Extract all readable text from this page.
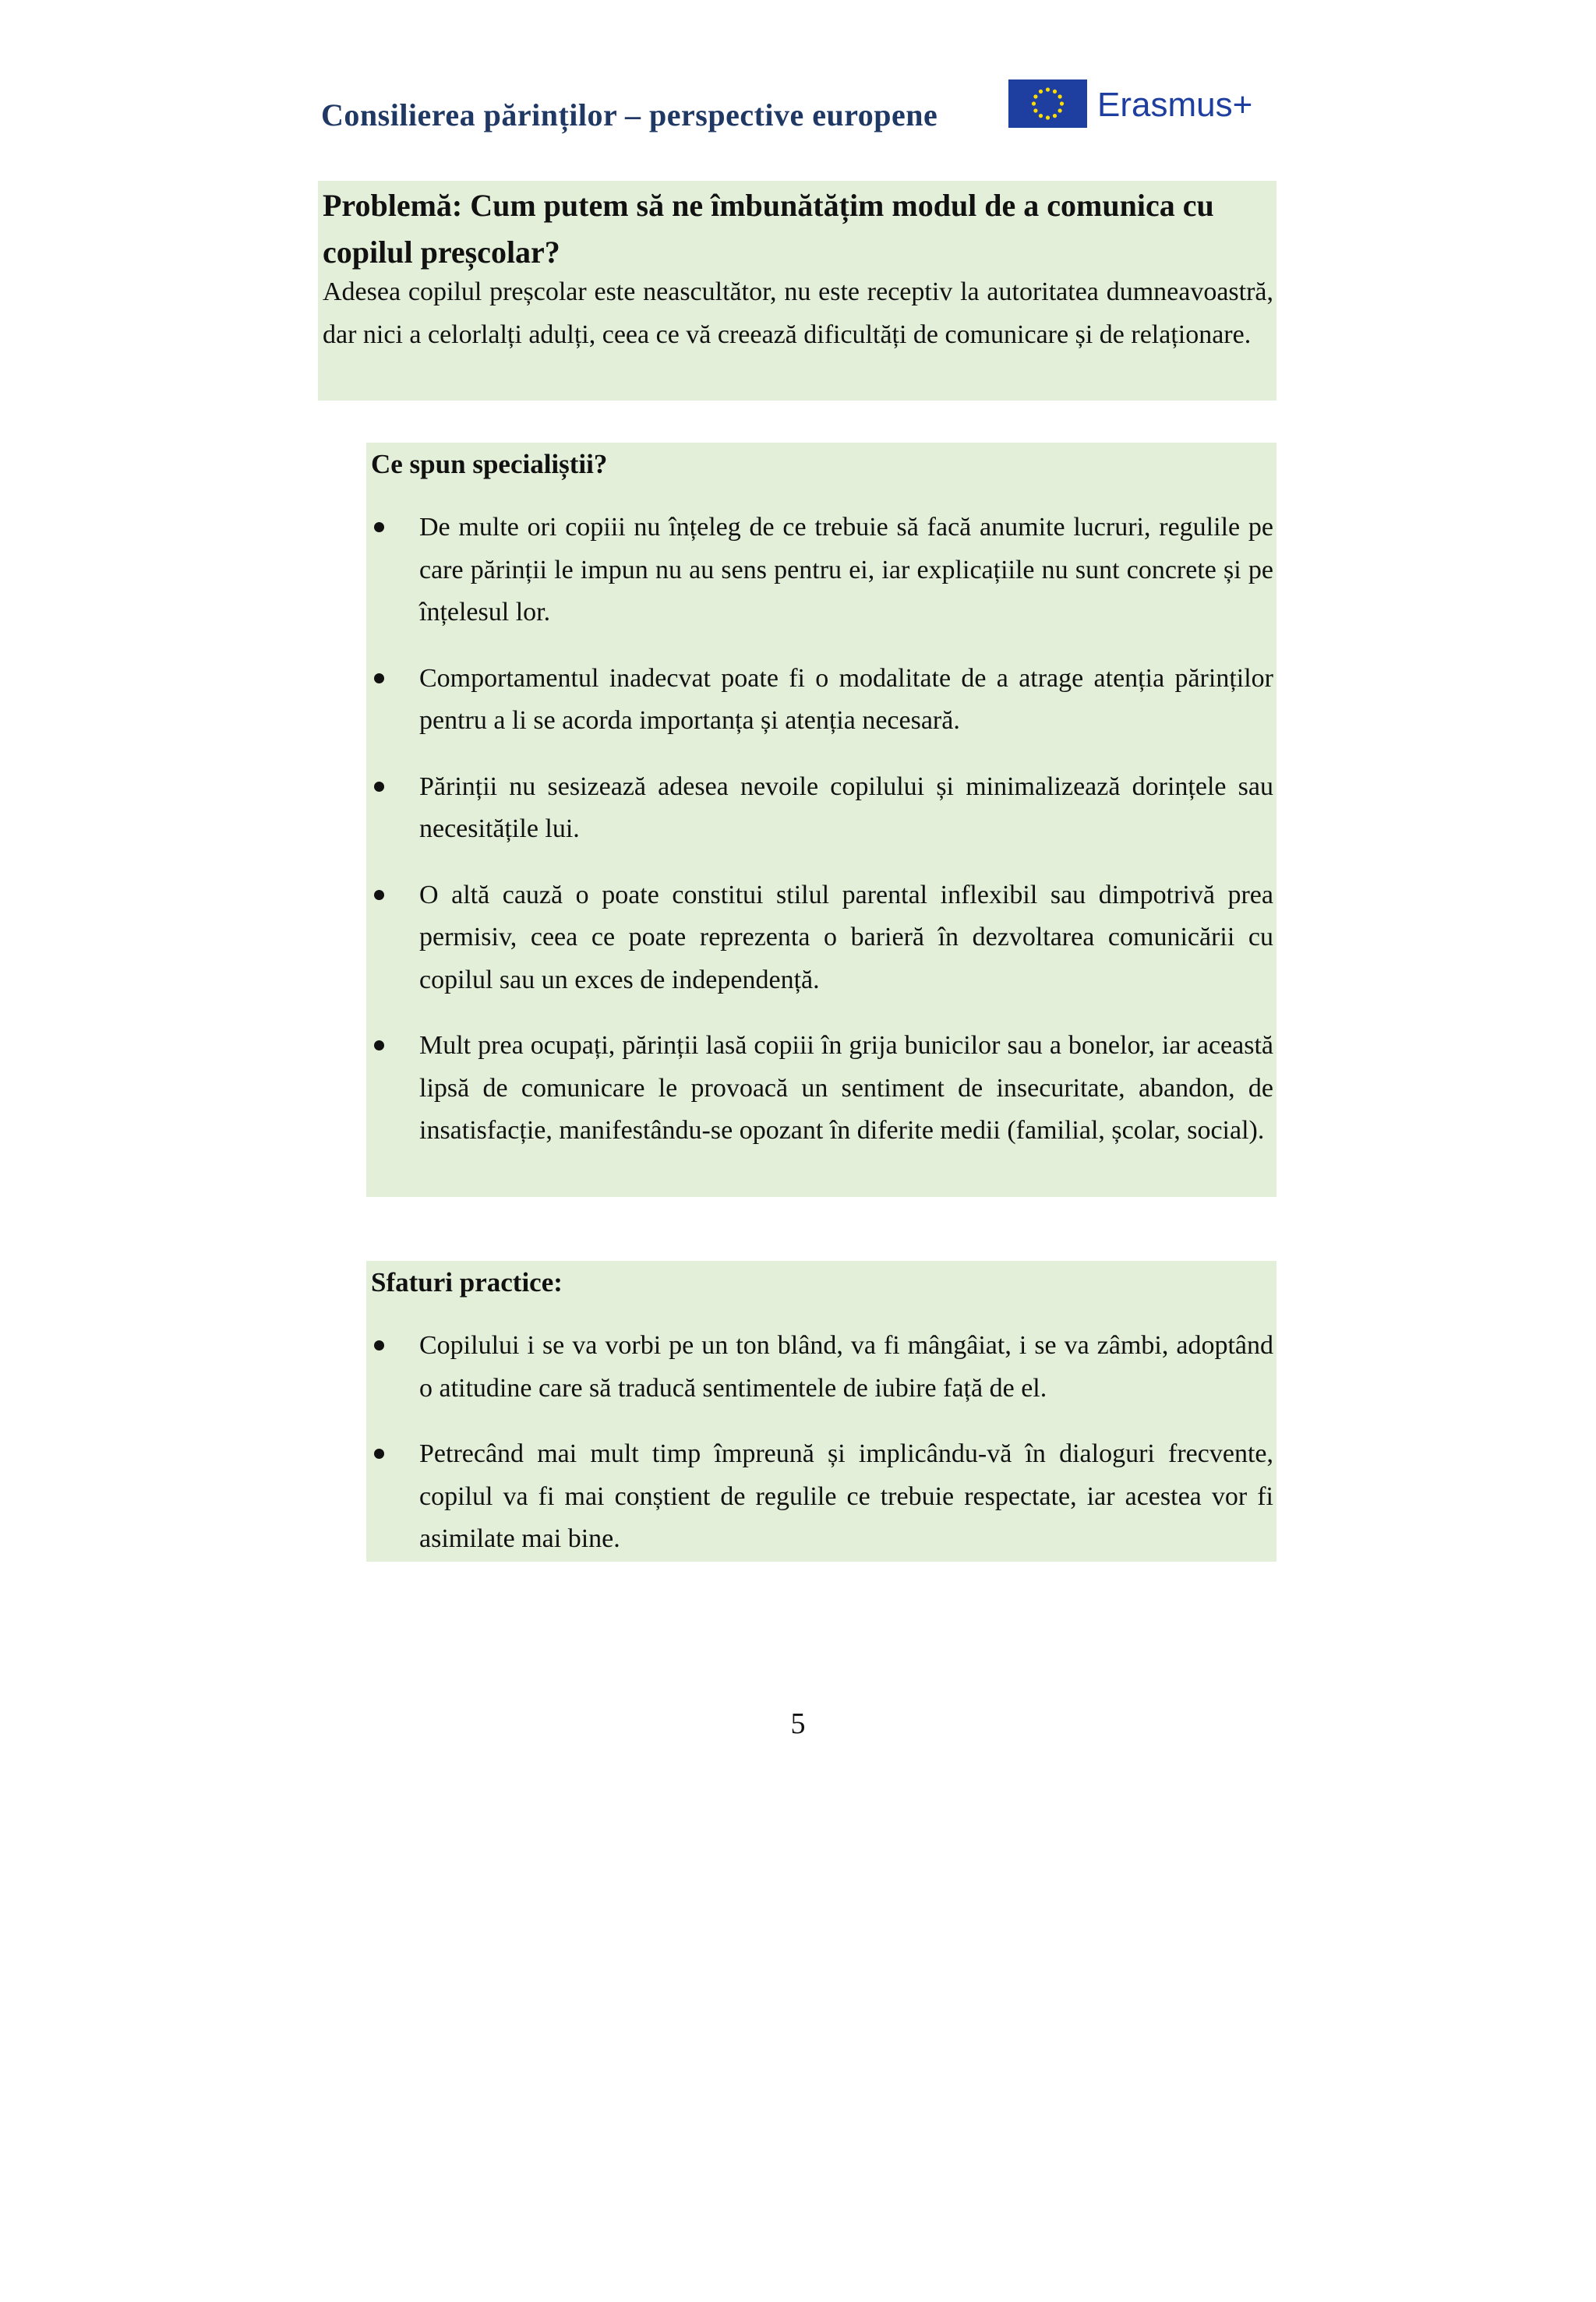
Consilierea părinților – perspective europene	Erasmus+

Problemă: Cum putem să ne îmbunătățim modul de a comunica cu copilul preșcolar?

Adesea copilul preșcolar este neascultător, nu este receptiv la autoritatea dumneavoastră, dar nici a celorlalți adulți, ceea ce vă creează dificultăți de comunicare și de relaționare.

Ce spun specialiștii?

De multe ori copiii nu înțeleg de ce trebuie să facă anumite lucruri, regulile pe care părinții le impun nu au sens pentru ei, iar explicațiile nu sunt concrete și pe înțelesul lor.
Comportamentul inadecvat poate fi o modalitate de a atrage atenția părinților pentru a li se acorda importanța și atenția necesară.
Părinții nu sesizează adesea nevoile copilului și minimalizează dorințele sau necesitățile lui.
O altă cauză o poate constitui stilul parental inflexibil sau dimpotrivă prea permisiv, ceea ce poate reprezenta o barieră în dezvoltarea comunicării cu copilul sau un exces de independență.
Mult prea ocupați, părinții lasă copiii în grija bunicilor sau a bonelor, iar această lipsă de comunicare le provoacă un sentiment de insecuritate, abandon, de insatisfacție, manifestându-se opozant în diferite medii (familial, școlar, social).

Sfaturi practice:

Copilului i se va vorbi pe un ton blând, va fi mângâiat, i se va zâmbi, adoptând o atitudine care să traducă sentimentele de iubire față de el.
Petrecând mai mult timp împreună și implicându-vă în dialoguri frecvente, copilul va fi mai conștient de regulile ce trebuie respectate, iar acestea vor fi asimilate mai bine.
5
